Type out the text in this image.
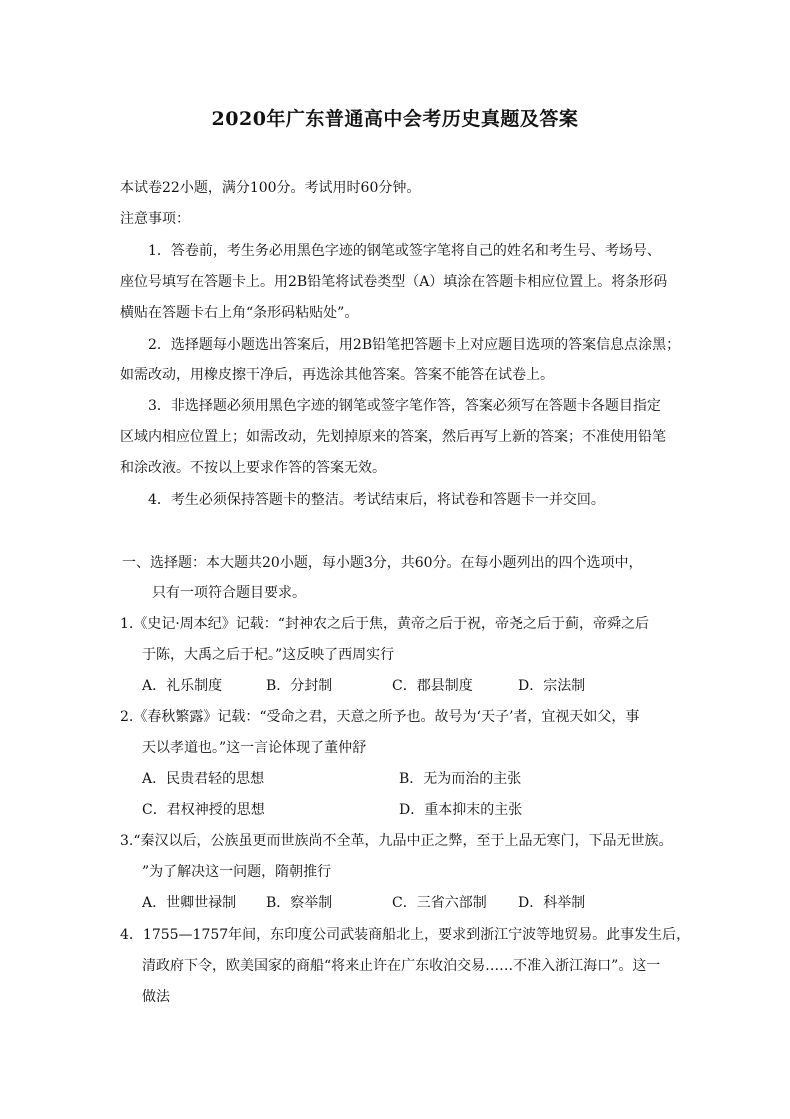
2020年广东普通高中会考历史真题及答案
本试卷22小题，满分100分。考试用时60分钟。
注意事项：
1．答卷前，考生务必用黑色字迹的钢笔或签字笔将自己的姓名和考生号、考场号、
座位号填写在答题卡上。用2B铅笔将试卷类型（A）填涂在答题卡相应位置上。将条形码
横贴在答题卡右上角“条形码粘贴处”。
2．选择题每小题选出答案后，用2B铅笔把答题卡上对应题目选项的答案信息点涂黑；
如需改动，用橡皮擦干净后，再选涂其他答案。答案不能答在试卷上。
3．非选择题必须用黑色字迹的钢笔或签字笔作答，答案必须写在答题卡各题目指定
区域内相应位置上；如需改动，先划掉原来的答案，然后再写上新的答案；不准使用铅笔
和涂改液。不按以上要求作答的答案无效。
4．考生必须保持答题卡的整洁。考试结束后，将试卷和答题卡一并交回。
一、选择题：本大题共20小题，每小题3分，共60分。在每小题列出的四个选项中，
只有一项符合题目要求。
1.《史记·周本纪》记载：“封神农之后于焦，黄帝之后于祝，帝尧之后于蓟，帝舜之后
于陈，大禹之后于杞。”这反映了西周实行
A．礼乐制度	B．分封制	C．郡县制度	D．宗法制
2.《春秋繁露》记载：“受命之君，天意之所予也。故号为‘天子’者，宜视天如父，事
天以孝道也。”这一言论体现了董仲舒
A．民贵君轻的思想	B．无为而治的主张
C．君权神授的思想	D．重本抑末的主张
3.“秦汉以后，公族虽更而世族尚不全革，九品中正之弊，至于上品无寒门，下品无世族。
”为了解决这一问题，隋朝推行
A．世卿世禄制 B．察举制	C．三省六部制 D．科举制
4．1755—1757年间，东印度公司武装商船北上，要求到浙江宁波等地贸易。此事发生后，
清政府下令，欧美国家的商船“将来止许在广东收泊交易……不准入浙江海口”。这一
做法
